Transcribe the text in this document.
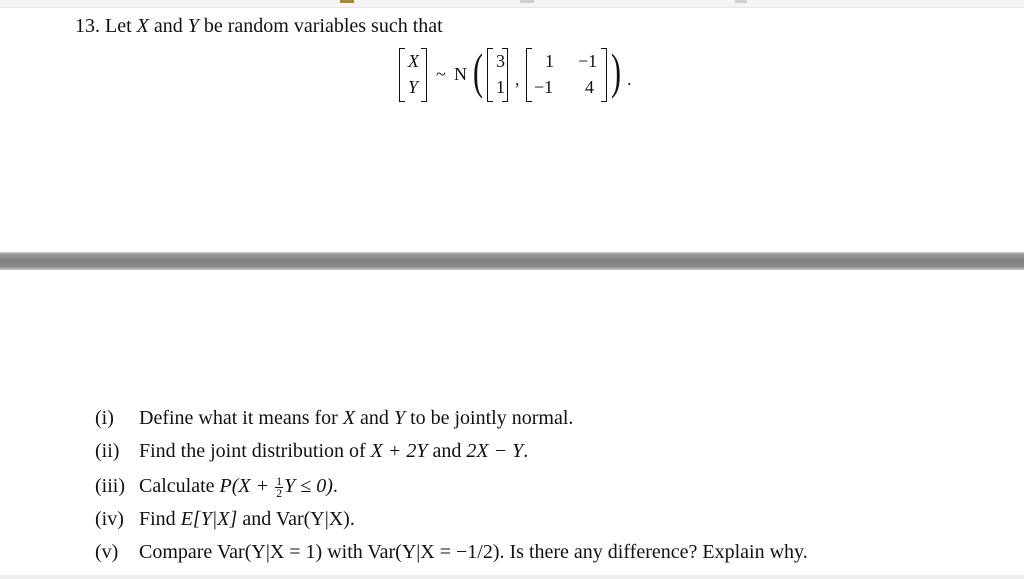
13. Let X and Y be random variables such that
X
Y
~ N ( 3
1 ,
1 −1
−1 4 ) .
(i)	Define what it means for X and Y to be jointly normal.
(ii) Find the joint distribution of X + 2Y and 2X − Y.
(iii) Calculate $P(X + \frac{1}{2}$ Y ≤ 0).
(iv) Find E[Y|X] and Var(Y|X).
(v)	Compare Var(Y|X = 1) with Var(Y|X = −1/2). Is there any difference? Explain why.
